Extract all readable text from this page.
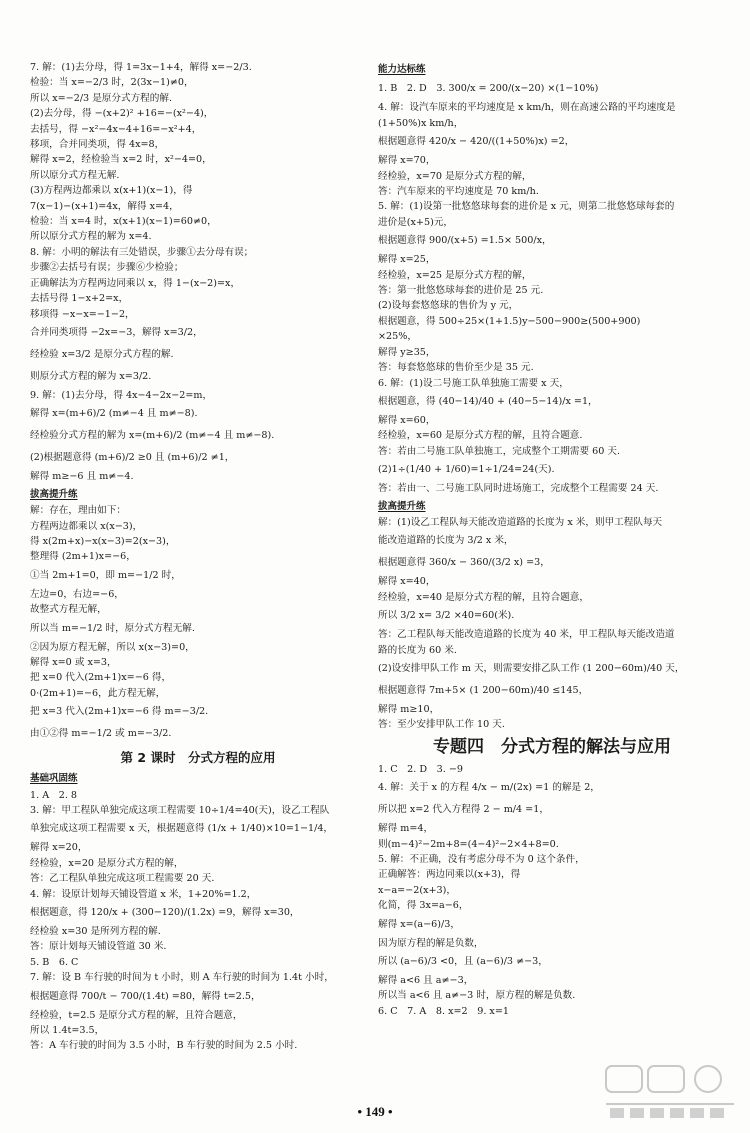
7. 解：(1)去分母，得 1=3x−1+4，解得 x=−2/3.
检验：当 x=−2/3 时，2(3x−1)≠0，
所以 x=−2/3 是原分式方程的解.
(2)去分母，得 −(x+2)² +16=−(x²−4)，
去括号，得 −x²−4x−4+16=−x²+4，
移项，合并同类项，得 4x=8，
解得 x=2，经检验当 x=2 时，x²−4=0，
所以原分式方程无解.
(3)方程两边都乘以 x(x+1)(x−1)，得
7(x−1)−(x+1)=4x，解得 x=4，
检验：当 x=4 时，x(x+1)(x−1)=60≠0，
所以原分式方程的解为 x=4.
8. 解：小明的解法有三处错误，步骤①去分母有误；
步骤②去括号有误；步骤⑥少检验；
正确解法为方程两边同乘以 x，得 1−(x−2)=x，
去括号得 1−x+2=x，
移项得 −x−x=−1−2，
合并同类项得 −2x=−3，解得 x=3/2，
经检验 x=3/2 是原分式方程的解.
则原分式方程的解为 x=3/2.
9. 解：(1)去分母，得 4x−4−2x−2=m，
解得 x=(m+6)/2 (m≠−4 且 m≠−8).
经检验分式方程的解为 x=(m+6)/2 (m≠−4 且 m≠−8).
(2)根据题意得 (m+6)/2 ≥0 且 (m+6)/2 ≠1，
解得 m≥−6 且 m≠−4.
拔高提升练
解：存在，理由如下：
方程两边都乘以 x(x−3)，
得 x(2m+x)−x(x−3)=2(x−3)，
整理得 (2m+1)x=−6，
①当 2m+1=0，即 m=−1/2 时，
左边=0，右边=−6，
故整式方程无解，
所以当 m=−1/2 时，原分式方程无解.
②因为原方程无解，所以 x(x−3)=0，
解得 x=0 或 x=3，
把 x=0 代入(2m+1)x=−6 得，
0·(2m+1)=−6，此方程无解，
把 x=3 代入(2m+1)x=−6 得 m=−3/2.
由①②得 m=−1/2 或 m=−3/2.
第 2 课时　分式方程的应用
基础巩固练
1. A　2. 8
3. 解：甲工程队单独完成这项工程需要 10÷1/4=40(天)，设乙工程队
单独完成这项工程需要 x 天，根据题意得 (1/x + 1/40)×10=1−1/4，
解得 x=20，
经检验，x=20 是原分式方程的解，
答：乙工程队单独完成这项工程需要 20 天.
4. 解：设原计划每天铺设管道 x 米，1+20%=1.2，
根据题意，得 120/x + (300−120)/(1.2x) =9，解得 x=30，
经检验 x=30 是所列方程的解.
答：原计划每天铺设管道 30 米.
5. B　6. C
7. 解：设 B 车行驶的时间为 t 小时，则 A 车行驶的时间为 1.4t 小时，
根据题意得 700/t − 700/(1.4t) =80，解得 t=2.5，
经检验，t=2.5 是原分式方程的解，且符合题意，
所以 1.4t=3.5，
答：A 车行驶的时间为 3.5 小时，B 车行驶的时间为 2.5 小时.
能力达标练
1. B　2. D　3. 300/x = 200/(x−20) ×(1−10%)
4. 解：设汽车原来的平均速度是 x km/h，则在高速公路的平均速度是
(1+50%)x km/h，
根据题意得 420/x − 420/((1+50%)x) =2，
解得 x=70，
经检验，x=70 是原分式方程的解，
答：汽车原来的平均速度是 70 km/h.
5. 解：(1)设第一批悠悠球每套的进价是 x 元，则第二批悠悠球每套的
进价是(x+5)元，
根据题意得 900/(x+5) =1.5× 500/x，
解得 x=25，
经检验，x=25 是原分式方程的解，
答：第一批悠悠球每套的进价是 25 元.
(2)设每套悠悠球的售价为 y 元，
根据题意，得 500÷25×(1+1.5)y−500−900≥(500+900)
×25%，
解得 y≥35，
答：每套悠悠球的售价至少是 35 元.
6. 解：(1)设二号施工队单独施工需要 x 天，
根据题意，得 (40−14)/40 + (40−5−14)/x =1，
解得 x=60，
经检验，x=60 是原分式方程的解，且符合题意.
答：若由二号施工队单独施工，完成整个工期需要 60 天.
(2)1÷(1/40 + 1/60)=1÷1/24=24(天).
答：若由一、二号施工队同时进场施工，完成整个工程需要 24 天.
拔高提升练
解：(1)设乙工程队每天能改造道路的长度为 x 米，则甲工程队每天
能改造道路的长度为 3/2 x 米，
根据题意得 360/x − 360/(3/2 x) =3，
解得 x=40，
经检验，x=40 是原分式方程的解，且符合题意，
所以 3/2 x= 3/2 ×40=60(米).
答：乙工程队每天能改造道路的长度为 40 米，甲工程队每天能改造道
路的长度为 60 米.
(2)设安排甲队工作 m 天，则需要安排乙队工作 (1 200−60m)/40 天，
根据题意得 7m+5× (1 200−60m)/40 ≤145，
解得 m≥10，
答：至少安排甲队工作 10 天.
专题四　分式方程的解法与应用
1. C　2. D　3. −9
4. 解：关于 x 的方程 4/x − m/(2x) =1 的解是 2，
所以把 x=2 代入方程得 2 − m/4 =1，
解得 m=4，
则(m−4)²−2m+8=(4−4)²−2×4+8=0.
5. 解：不正确，没有考虑分母不为 0 这个条件，
正确解答：两边同乘以(x+3)，得
x−a=−2(x+3)，
化简，得 3x=a−6，
解得 x=(a−6)/3，
因为原方程的解是负数，
所以 (a−6)/3 <0，且 (a−6)/3 ≠−3，
解得 a<6 且 a≠−3，
所以当 a<6 且 a≠−3 时，原方程的解是负数.
6. C　7. A　8. x=2　9. x=1
• 149 •
